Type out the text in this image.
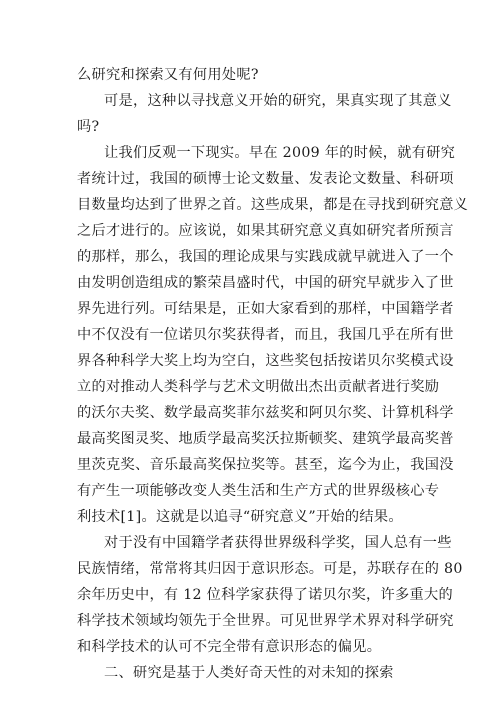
么研究和探索又有何用处呢?
可是，这种以寻找意义开始的研究，果真实现了其意义
吗?
让我们反观一下现实。早在 2009 年的时候，就有研究
者统计过，我国的硕博士论文数量、发表论文数量、科研项
目数量均达到了世界之首。这些成果，都是在寻找到研究意义
之后才进行的。应该说，如果其研究意义真如研究者所预言
的那样，那么，我国的理论成果与实践成就早就进入了一个
由发明创造组成的繁荣昌盛时代，中国的研究早就步入了世
界先进行列。可结果是，正如大家看到的那样，中国籍学者
中不仅没有一位诺贝尔奖获得者，而且，我国几乎在所有世
界各种科学大奖上均为空白，这些奖包括按诺贝尔奖模式设
立的对推动人类科学与艺术文明做出杰出贡献者进行奖励
的沃尔夫奖、数学最高奖菲尔兹奖和阿贝尔奖、计算机科学
最高奖图灵奖、地质学最高奖沃拉斯顿奖、建筑学最高奖普
里茨克奖、音乐最高奖保拉奖等。甚至，迄今为止，我国没
有产生一项能够改变人类生活和生产方式的世界级核心专
利技术[1]。这就是以追寻“研究意义”开始的结果。
对于没有中国籍学者获得世界级科学奖，国人总有一些
民族情绪，常常将其归因于意识形态。可是，苏联存在的 80
余年历史中，有 12 位科学家获得了诺贝尔奖，许多重大的
科学技术领域均领先于全世界。可见世界学术界对科学研究
和科学技术的认可不完全带有意识形态的偏见。
二、研究是基于人类好奇天性的对未知的探索
